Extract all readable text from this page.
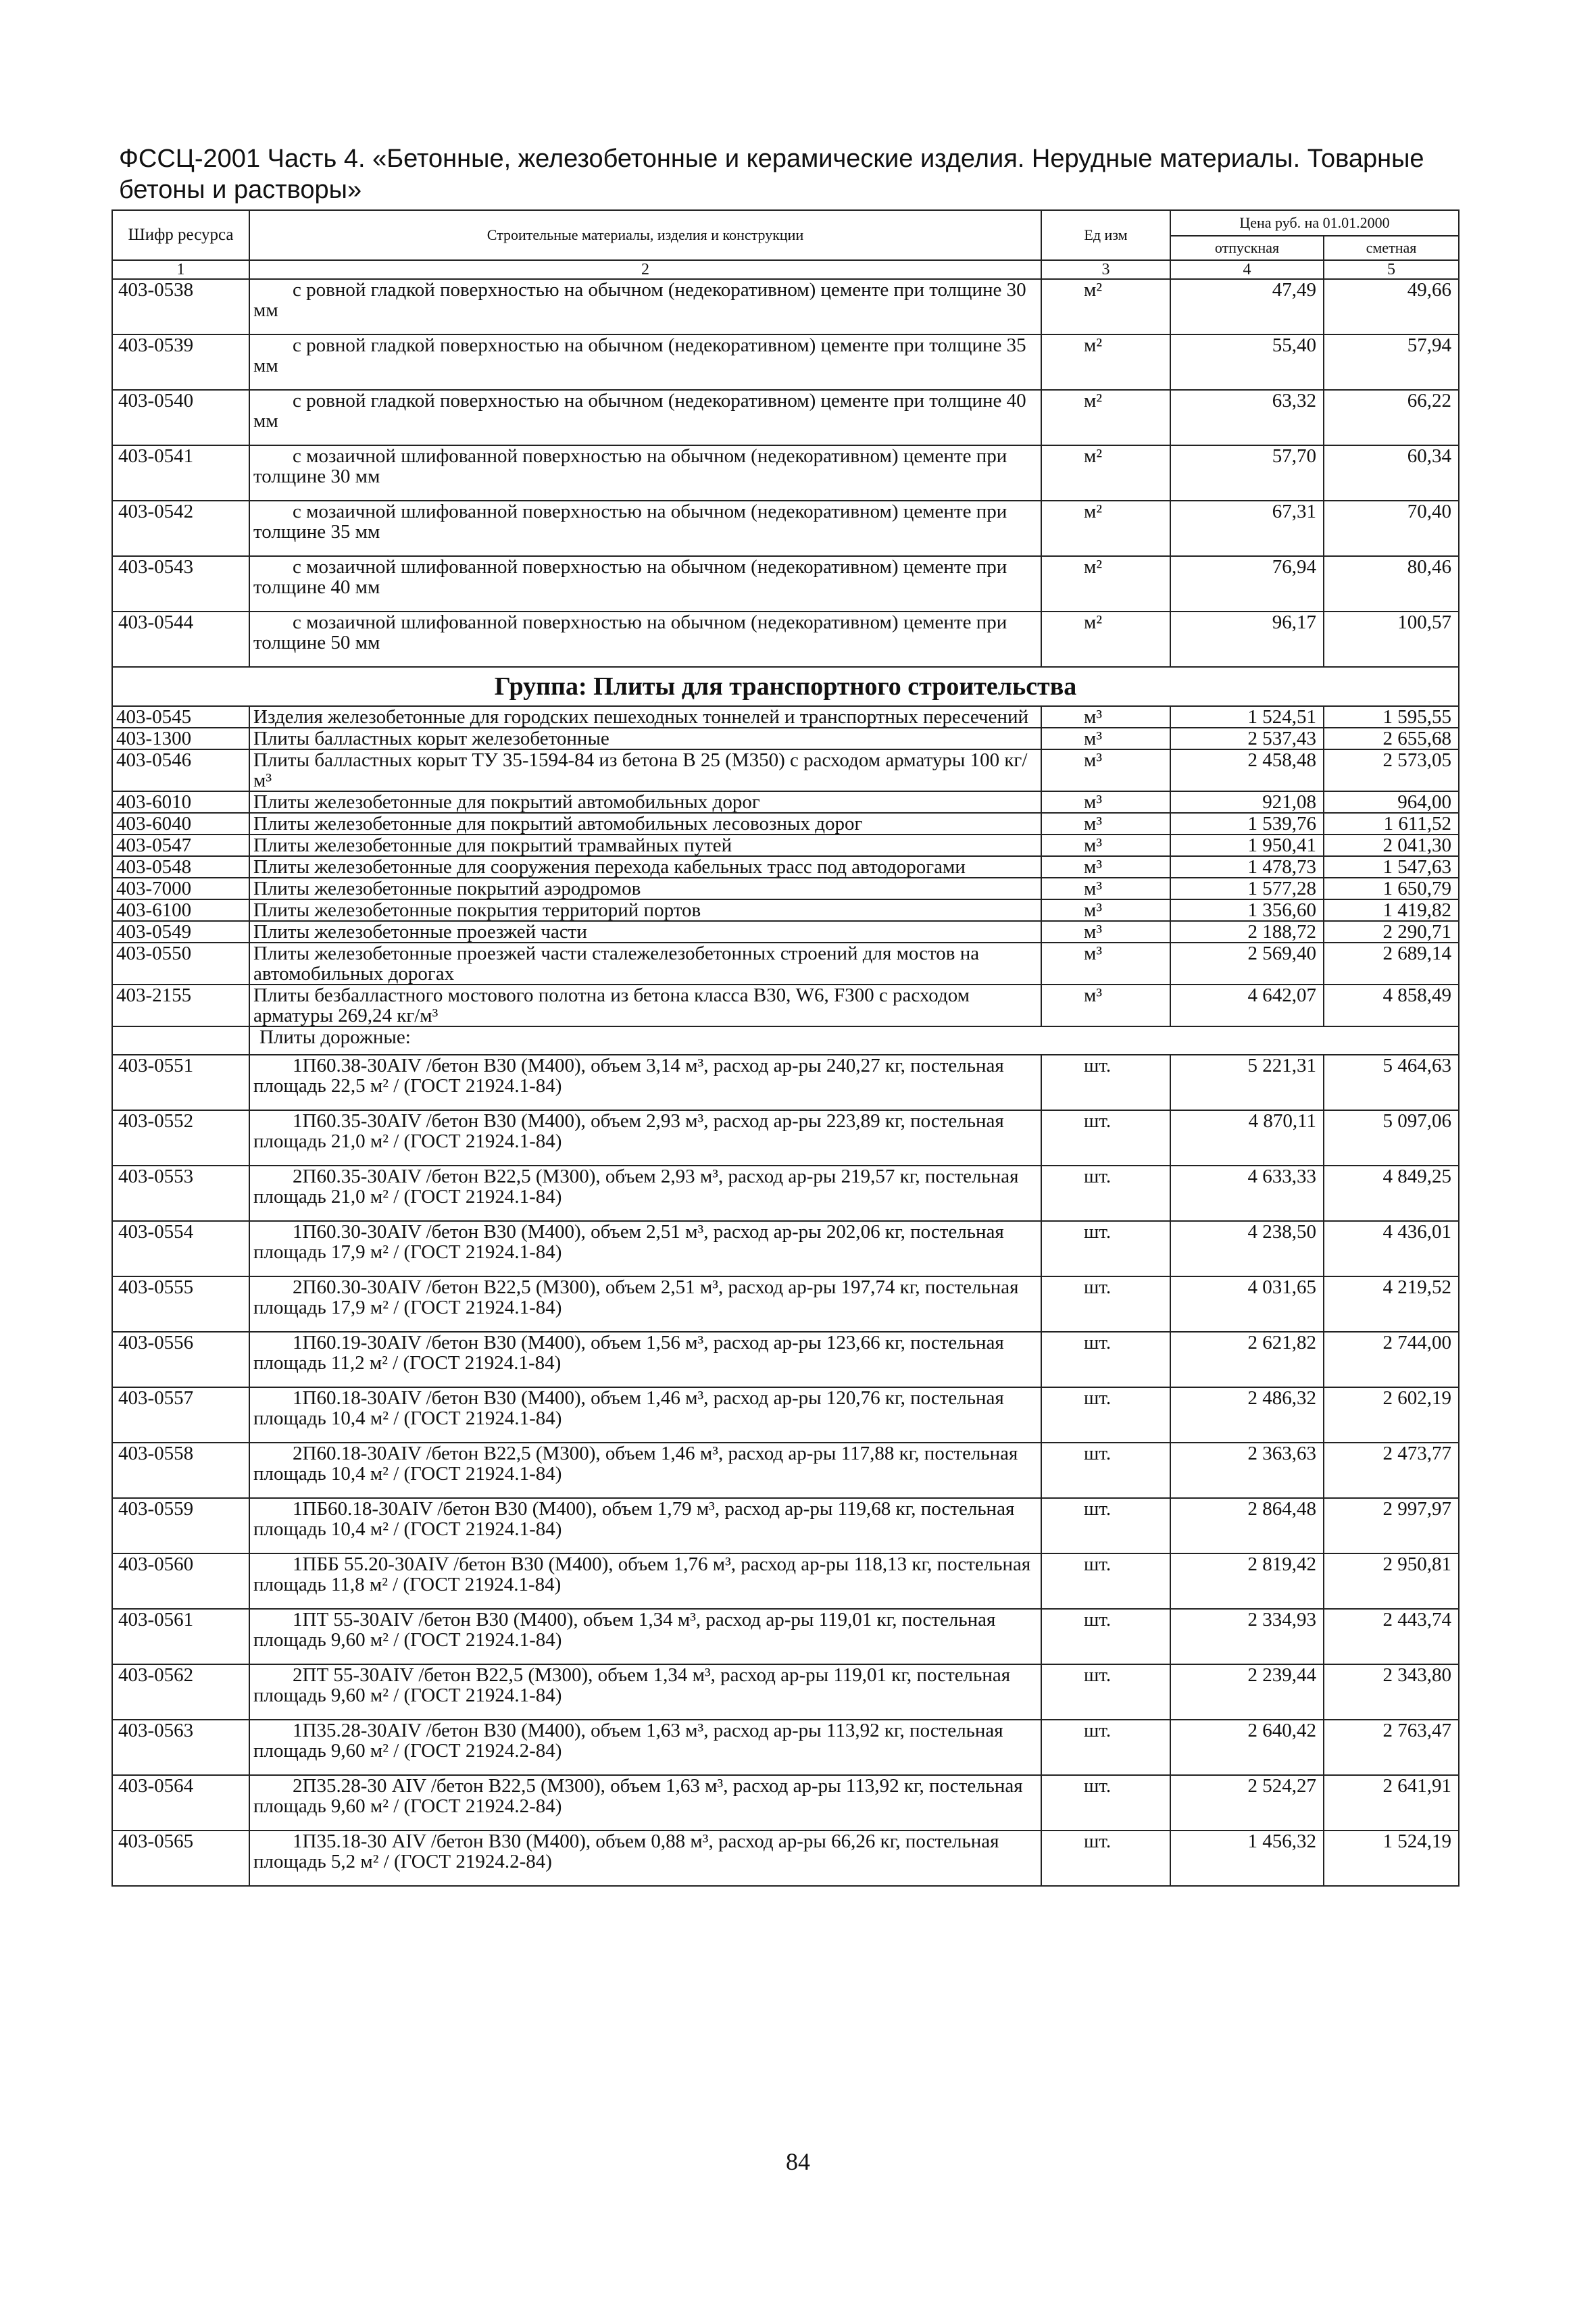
ФССЦ-2001 Часть 4. «Бетонные, железобетонные и керамические изделия. Нерудные материалы. Товарные бетоны и растворы»
Шифр ресурса	Строительные материалы, изделия и конструкции	Ед изм	Цена руб. на 01.01.2000	
			отпускная	сметная
1	2	3	4	5
403-0538	с ровной гладкой поверхностью на обычном (недекоративном) цементе при толщине 30 мм	м²	47,49	49,66
403-0539	с ровной гладкой поверхностью на обычном (недекоративном) цементе при толщине 35 мм	м²	55,40	57,94
403-0540	с ровной гладкой поверхностью на обычном (недекоративном) цементе при толщине 40 мм	м²	63,32	66,22
403-0541	с мозаичной шлифованной поверхностью на обычном (недекоративном) цементе при толщине 30 мм	м²	57,70	60,34
403-0542	с мозаичной шлифованной поверхностью на обычном (недекоративном) цементе при толщине 35 мм	м²	67,31	70,40
403-0543	с мозаичной шлифованной поверхностью на обычном (недекоративном) цементе при толщине 40 мм	м²	76,94	80,46
403-0544	с мозаичной шлифованной поверхностью на обычном (недекоративном) цементе при толщине 50 мм	м²	96,17	100,57
Группа: Плиты для транспортного строительства				
403-0545	Изделия железобетонные для городских пешеходных тоннелей и транспортных пересечений	м³	1 524,51	1 595,55
403-1300	Плиты балластных корыт железобетонные	м³	2 537,43	2 655,68
403-0546	Плиты балластных корыт ТУ 35-1594-84 из бетона В 25 (М350) с расходом арматуры 100 кг/м³	м³	2 458,48	2 573,05
403-6010	Плиты железобетонные для покрытий автомобильных дорог	м³	921,08	964,00
403-6040	Плиты железобетонные для покрытий автомобильных лесовозных дорог	м³	1 539,76	1 611,52
403-0547	Плиты железобетонные для покрытий трамвайных путей	м³	1 950,41	2 041,30
403-0548	Плиты железобетонные для сооружения перехода кабельных трасс под автодорогами	м³	1 478,73	1 547,63
403-7000	Плиты железобетонные покрытий аэродромов	м³	1 577,28	1 650,79
403-6100	Плиты железобетонные покрытия территорий портов	м³	1 356,60	1 419,82
403-0549	Плиты железобетонные проезжей части	м³	2 188,72	2 290,71
403-0550	Плиты железобетонные проезжей части сталежелезобетонных строений для мостов на автомобильных дорогах	м³	2 569,40	2 689,14
403-2155	Плиты безбалластного мостового полотна из бетона класса В30, W6, F300 с расходом арматуры 269,24 кг/м³	м³	4 642,07	4 858,49
	Плиты дорожные:			
403-0551	1П60.38-30AIV /бетон В30 (М400), объем 3,14 м³, расход ар-ры 240,27 кг, постельная площадь 22,5 м² / (ГОСТ 21924.1-84)	шт.	5 221,31	5 464,63
403-0552	1П60.35-30AIV /бетон В30 (М400), объем 2,93 м³, расход ар-ры 223,89 кг, постельная площадь 21,0 м² / (ГОСТ 21924.1-84)	шт.	4 870,11	5 097,06
403-0553	2П60.35-30AIV /бетон В22,5 (М300), объем 2,93 м³, расход ар-ры 219,57 кг, постельная площадь 21,0 м² / (ГОСТ 21924.1-84)	шт.	4 633,33	4 849,25
403-0554	1П60.30-30AIV /бетон В30 (М400), объем 2,51 м³, расход ар-ры 202,06 кг, постельная площадь 17,9 м² / (ГОСТ 21924.1-84)	шт.	4 238,50	4 436,01
403-0555	2П60.30-30AIV /бетон В22,5 (М300), объем 2,51 м³, расход ар-ры 197,74 кг, постельная площадь 17,9 м² / (ГОСТ 21924.1-84)	шт.	4 031,65	4 219,52
403-0556	1П60.19-30AIV /бетон В30 (М400), объем 1,56 м³, расход ар-ры 123,66 кг, постельная площадь 11,2 м² / (ГОСТ 21924.1-84)	шт.	2 621,82	2 744,00
403-0557	1П60.18-30AIV /бетон В30 (М400), объем 1,46 м³, расход ар-ры 120,76 кг, постельная площадь 10,4 м² / (ГОСТ 21924.1-84)	шт.	2 486,32	2 602,19
403-0558	2П60.18-30AIV /бетон В22,5 (М300), объем 1,46 м³, расход ар-ры 117,88 кг, постельная площадь 10,4 м² / (ГОСТ 21924.1-84)	шт.	2 363,63	2 473,77
403-0559	1ПБ60.18-30AIV /бетон В30 (М400), объем 1,79 м³, расход ар-ры 119,68 кг, постельная площадь 10,4 м² / (ГОСТ 21924.1-84)	шт.	2 864,48	2 997,97
403-0560	1ПББ 55.20-30AIV /бетон В30 (М400), объем 1,76 м³, расход ар-ры 118,13 кг, постельная площадь 11,8 м² / (ГОСТ 21924.1-84)	шт.	2 819,42	2 950,81
403-0561	1ПТ 55-30AIV /бетон В30 (М400), объем 1,34 м³, расход ар-ры 119,01 кг, постельная площадь 9,60 м² / (ГОСТ 21924.1-84)	шт.	2 334,93	2 443,74
403-0562	2ПТ 55-30AIV /бетон В22,5 (М300), объем 1,34 м³, расход ар-ры 119,01 кг, постельная площадь 9,60 м² / (ГОСТ 21924.1-84)	шт.	2 239,44	2 343,80
403-0563	1П35.28-30AIV /бетон В30 (М400), объем 1,63 м³, расход ар-ры 113,92 кг, постельная площадь 9,60 м² / (ГОСТ 21924.2-84)	шт.	2 640,42	2 763,47
403-0564	2П35.28-30 AIV /бетон В22,5 (М300), объем 1,63 м³, расход ар-ры 113,92 кг, постельная площадь 9,60 м² / (ГОСТ 21924.2-84)	шт.	2 524,27	2 641,91
403-0565	1П35.18-30 AIV /бетон В30 (М400), объем 0,88 м³, расход ар-ры 66,26 кг, постельная площадь 5,2 м² / (ГОСТ 21924.2-84)	шт.	1 456,32	1 524,19
84
